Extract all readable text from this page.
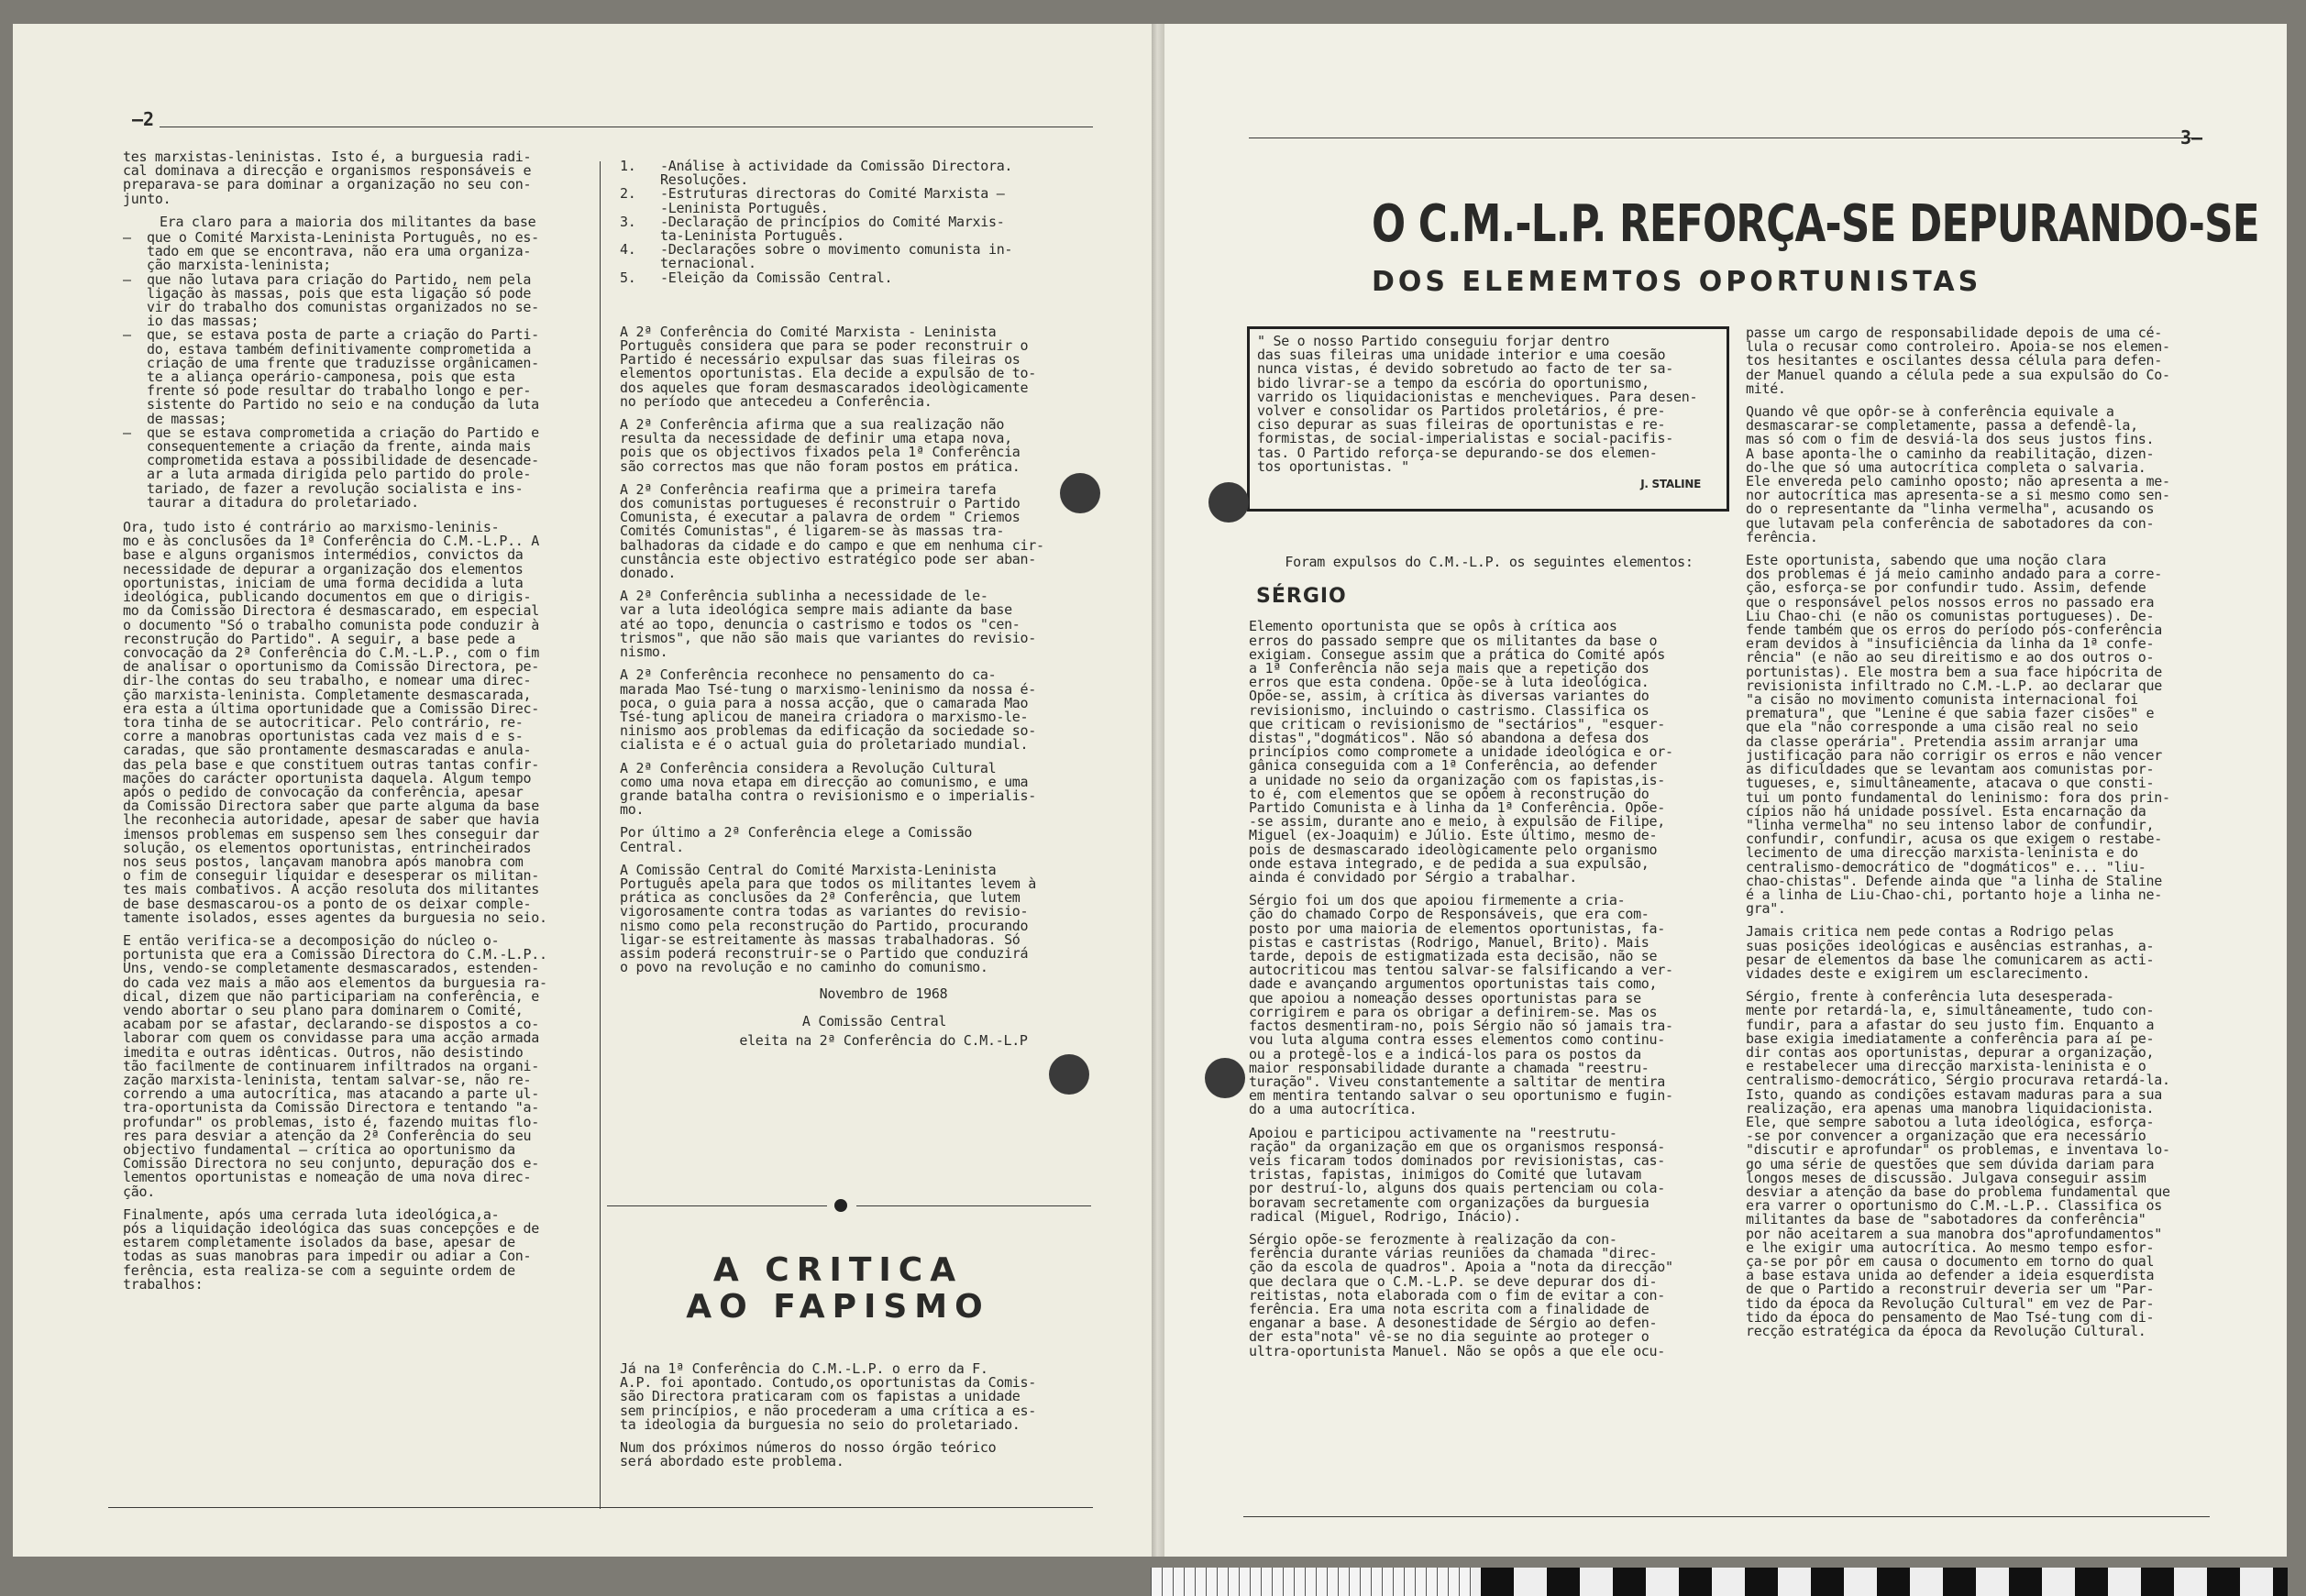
—2

tes marxistas-leninistas. Isto é, a burguesia radi-
cal dominava a direcção e organismos responsáveis e
preparava-se para dominar a organização no seu con-
junto.

Era claro para a maioria dos militantes da base

— que o Comité Marxista-Leninista Português, no es-
tado em que se encontrava, não era uma organiza-
ção marxista-leninista;
— que não lutava para criação do Partido, nem pela
ligação às massas, pois que esta ligação só pode
vir do trabalho dos comunistas organizados no se-
io das massas;
— que, se estava posta de parte a criação do Parti-
do, estava também definitivamente comprometida a
criação de uma frente que traduzisse orgânicamen-
te a aliança operário-camponesa, pois que esta
frente só pode resultar do trabalho longo e per-
sistente do Partido no seio e na condução da luta
de massas;
— que se estava comprometida a criação do Partido e
consequentemente a criação da frente, ainda mais
comprometida estava a possibilidade de desencade-
ar a luta armada dirigida pelo partido do prole-
tariado, de fazer a revolução socialista e ins-
taurar a ditadura do proletariado.

Ora, tudo isto é contrário ao marxismo-leninis-
mo e às conclusões da 1ª Conferência do C.M.-L.P.. A
base e alguns organismos intermédios, convictos da
necessidade de depurar a organização dos elementos
oportunistas, iniciam de uma forma decidida a luta
ideológica, publicando documentos em que o dirigis-
mo da Comissão Directora é desmascarado, em especial
o documento "Só o trabalho comunista pode conduzir à
reconstrução do Partido". A seguir, a base pede a
convocação da 2ª Conferência do C.M.-L.P., com o fim
de analisar o oportunismo da Comissão Directora, pe-
dir-lhe contas do seu trabalho, e nomear uma direc-
ção marxista-leninista. Completamente desmascarada,
era esta a última oportunidade que a Comissão Direc-
tora tinha de se autocriticar. Pelo contrário, re-
corre a manobras oportunistas cada vez mais d e s-
caradas, que são prontamente desmascaradas e anula-
das pela base e que constituem outras tantas confir-
mações do carácter oportunista daquela. Algum tempo
após o pedido de convocação da conferência, apesar
da Comissão Directora saber que parte alguma da base
lhe reconhecia autoridade, apesar de saber que havia
imensos problemas em suspenso sem lhes conseguir dar
solução, os elementos oportunistas, entrincheirados
nos seus postos, lançavam manobra após manobra com
o fim de conseguir liquidar e desesperar os militan-
tes mais combativos. A acção resoluta dos militantes
de base desmascarou-os a ponto de os deixar comple-
tamente isolados, esses agentes da burguesia no seio.

E então verifica-se a decomposição do núcleo o-
portunista que era a Comissão Directora do C.M.-L.P..
Uns, vendo-se completamente desmascarados, estenden-
do cada vez mais a mão aos elementos da burguesia ra-
dical, dizem que não participariam na conferência, e
vendo abortar o seu plano para dominarem o Comité,
acabam por se afastar, declarando-se dispostos a co-
laborar com quem os convidasse para uma acção armada
imedita e outras idênticas. Outros, não desistindo
tão facilmente de continuarem infiltrados na organi-
zação marxista-leninista, tentam salvar-se, não re-
correndo a uma autocrítica, mas atacando a parte ul-
tra-oportunista da Comissão Directora e tentando "a-
profundar" os problemas, isto é, fazendo muitas flo-
res para desviar a atenção da 2ª Conferência do seu
objectivo fundamental — crítica ao oportunismo da
Comissão Directora no seu conjunto, depuração dos e-
lementos oportunistas e nomeação de uma nova direc-
ção.

Finalmente, após uma cerrada luta ideológica,a-
pós a liquidação ideológica das suas concepções e de
estarem completamente isolados da base, apesar de
todas as suas manobras para impedir ou adiar a Con-
ferência, esta realiza-se com a seguinte ordem de
trabalhos:

1. -Análise à actividade da Comissão Directora.
Resoluções.
2. -Estruturas directoras do Comité Marxista —
-Leninista Português.
3. -Declaração de princípios do Comité Marxis-
ta-Leninista Português.
4. -Declarações sobre o movimento comunista in-
ternacional.
5. -Eleição da Comissão Central.

A 2ª Conferência do Comité Marxista - Leninista
Português considera que para se poder reconstruir o
Partido é necessário expulsar das suas fileiras os
elementos oportunistas. Ela decide a expulsão de to-
dos aqueles que foram desmascarados ideològicamente
no período que antecedeu a Conferência.

A 2ª Conferência afirma que a sua realização não
resulta da necessidade de definir uma etapa nova,
pois que os objectivos fixados pela 1ª Conferência
são correctos mas que não foram postos em prática.

A 2ª Conferência reafirma que a primeira tarefa
dos comunistas portugueses é reconstruir o Partido
Comunista, é executar a palavra de ordem " Criemos
Comités Comunistas", é ligarem-se às massas tra-
balhadoras da cidade e do campo e que em nenhuma cir-
cunstância este objectivo estratégico pode ser aban-
donado.

A 2ª Conferência sublinha a necessidade de le-
var a luta ideológica sempre mais adiante da base
até ao topo, denuncia o castrismo e todos os "cen-
trismos", que não são mais que variantes do revisio-
nismo.

A 2ª Conferência reconhece no pensamento do ca-
marada Mao Tsé-tung o marxismo-leninismo da nossa é-
poca, o guia para a nossa acção, que o camarada Mao
Tsé-tung aplicou de maneira criadora o marxismo-le-
ninismo aos problemas da edificação da sociedade so-
cialista e é o actual guia do proletariado mundial.

A 2ª Conferência considera a Revolução Cultural
como uma nova etapa em direcção ao comunismo, e uma
grande batalha contra o revisionismo e o imperialis-
mo.

Por último a 2ª Conferência elege a Comissão
Central.

A Comissão Central do Comité Marxista-Leninista
Português apela para que todos os militantes levem à
prática as conclusões da 2ª Conferência, que lutem
vigorosamente contra todas as variantes do revisio-
nismo como pela reconstrução do Partido, procurando
ligar-se estreitamente às massas trabalhadoras. Só
assim poderá reconstruir-se o Partido que conduzirá
o povo na revolução e no caminho do comunismo.

Novembro de 1968

A Comissão Central

eleita na 2ª Conferência do C.M.-L.P

A CRITICA
AO FAPISMO

Já na 1ª Conferência do C.M.-L.P. o erro da F.
A.P. foi apontado. Contudo,os oportunistas da Comis-
são Directora praticaram com os fapistas a unidade
sem princípios, e não procederam a uma crítica a es-
ta ideologia da burguesia no seio do proletariado.

Num dos próximos números do nosso órgão teórico
será abordado este problema.

3—
O C.M.-L.P. REFORÇA-SE DEPURANDO-SE
DOS ELEMEMTOS OPORTUNISTAS

" Se o nosso Partido conseguiu forjar dentro
das suas fileiras uma unidade interior e uma coesão
nunca vistas, é devido sobretudo ao facto de ter sa-
bido livrar-se a tempo da escória do oportunismo,
varrido os liquidacionistas e mencheviques. Para desen-
volver e consolidar os Partidos proletários, é pre-
ciso depurar as suas fileiras de oportunistas e re-
formistas, de social-imperialistas e social-pacifis-
tas. O Partido reforça-se depurando-se dos elemen-
tos oportunistas. "

J. STALINE

Foram expulsos do C.M.-L.P. os seguintes elementos:

SÉRGIO

Elemento oportunista que se opôs à crítica aos
erros do passado sempre que os militantes da base o
exigiam. Consegue assim que a prática do Comité após
a 1ª Conferência não seja mais que a repetição dos
erros que esta condena. Opõe-se à luta ideológica.
Opõe-se, assim, à crítica às diversas variantes do
revisionismo, incluindo o castrismo. Classifica os
que criticam o revisionismo de "sectários", "esquer-
distas","dogmáticos". Não só abandona a defesa dos
princípios como compromete a unidade ideológica e or-
gânica conseguida com a 1ª Conferência, ao defender
a unidade no seio da organização com os fapistas,is-
to é, com elementos que se opõem à reconstrução do
Partido Comunista e à linha da 1ª Conferência. Opõe-
-se assim, durante ano e meio, à expulsão de Filipe,
Miguel (ex-Joaquim) e Júlio. Este último, mesmo de-
pois de desmascarado ideològicamente pelo organismo
onde estava integrado, e de pedida a sua expulsão,
ainda é convidado por Sérgio a trabalhar.

Sérgio foi um dos que apoiou firmemente a cria-
ção do chamado Corpo de Responsáveis, que era com-
posto por uma maioria de elementos oportunistas, fa-
pistas e castristas (Rodrigo, Manuel, Brito). Mais
tarde, depois de estigmatizada esta decisão, não se
autocriticou mas tentou salvar-se falsificando a ver-
dade e avançando argumentos oportunistas tais como,
que apoiou a nomeação desses oportunistas para se
corrigirem e para os obrigar a definirem-se. Mas os
factos desmentiram-no, pois Sérgio não só jamais tra-
vou luta alguma contra esses elementos como continu-
ou a protegê-los e a indicá-los para os postos da
maior responsabilidade durante a chamada "reestru-
turação". Viveu constantemente a saltitar de mentira
em mentira tentando salvar o seu oportunismo e fugin-
do a uma autocrítica.

Apoiou e participou activamente na "reestrutu-
ração" da organização em que os organismos responsá-
veis ficaram todos dominados por revisionistas, cas-
tristas, fapistas, inimigos do Comité que lutavam
por destruí-lo, alguns dos quais pertenciam ou cola-
boravam secretamente com organizações da burguesia
radical (Miguel, Rodrigo, Inácio).

Sérgio opõe-se ferozmente à realização da con-
ferência durante várias reuniões da chamada "direc-
ção da escola de quadros". Apoia a "nota da direcção"
que declara que o C.M.-L.P. se deve depurar dos di-
reitistas, nota elaborada com o fim de evitar a con-
ferência. Era uma nota escrita com a finalidade de
enganar a base. A desonestidade de Sérgio ao defen-
der esta"nota" vê-se no dia seguinte ao proteger o
ultra-oportunista Manuel. Não se opôs a que ele ocu-

passe um cargo de responsabilidade depois de uma cé-
lula o recusar como controleiro. Apoia-se nos elemen-
tos hesitantes e oscilantes dessa célula para defen-
der Manuel quando a célula pede a sua expulsão do Co-
mité.

Quando vê que opôr-se à conferência equivale a
desmascarar-se completamente, passa a defendê-la,
mas só com o fim de desviá-la dos seus justos fins.
A base aponta-lhe o caminho da reabilitação, dizen-
do-lhe que só uma autocrítica completa o salvaria.
Ele enveredа pelo caminho oposto; não apresenta a me-
nor autocrítica mas apresenta-se a si mesmo como sen-
do o representante da "linha vermelha", acusando os
que lutavam pela conferência de sabotadores da con-
ferência.

Este oportunista, sabendo que uma noção clara
dos problemas é já meio caminho andado para a corre-
ção, esforça-se por confundir tudo. Assim, defende
que o responsável pelos nossos erros no passado era
Liu Chao-chi (e não os comunistas portugueses). De-
fende também que os erros do período pós-conferência
eram devidos à "insuficiência da linha da 1ª confe-
rência" (e não ao seu direitismo e ao dos outros o-
portunistas). Ele mostra bem a sua face hipócrita de
revisionista infiltrado no C.M.-L.P. ao declarar que
"a cisão no movimento comunista internacional foi
prematura", que "Lenine é que sabia fazer cisões" e
que ela "não corresponde a uma cisão real no seio
da classe operária". Pretendia assim arranjar uma
justificação para não corrigir os erros e não vencer
as dificuldades que se levantam aos comunistas por-
tugueses, e, simultâneamente, atacava o que consti-
tui um ponto fundamental do leninismo: fora dos prin-
cípios não há unidade possível. Esta encarnação da
"linha vermelha" no seu intenso labor de confundir,
confundir, confundir, acusa os que exigem o restabe-
lecimento de uma direcção marxista-leninista e do
centralismo-democrático de "dogmáticos" e... "liu-
chao-chistas". Defende ainda que "a linha de Staline
é a linha de Liu-Chao-chi, portanto hoje a linha ne-
gra".

Jamais critica nem pede contas a Rodrigo pelas
suas posições ideológicas e ausências estranhas, a-
pesar de elementos da base lhe comunicarem as acti-
vidades deste e exigirem um esclarecimento.

Sérgio, frente à conferência luta desesperada-
mente por retardá-la, e, simultâneamente, tudo con-
fundir, para a afastar do seu justo fim. Enquanto a
base exigia imediatamente a conferência para aí pe-
dir contas aos oportunistas, depurar a organização,
e restabelecer uma direcção marxista-leninista e o
centralismo-democrático, Sérgio procurava retardá-la.
Isto, quando as condições estavam maduras para a sua
realização, era apenas uma manobra liquidacionista.
Ele, que sempre sabotou a luta ideológica, esforça-
-se por convencer a organização que era necessário
"discutir e aprofundar" os problemas, e inventava lo-
go uma série de questões que sem dúvida dariam para
longos meses de discussão. Julgava conseguir assim
desviar a atenção da base do problema fundamental que
era varrer o oportunismo do C.M.-L.P.. Classifica os
militantes da base de "sabotadores da conferência"
por não aceitarem a sua manobra dos"aprofundamentos"
e lhe exigir uma autocrítica. Ao mesmo tempo esfor-
ça-se por pôr em causa o documento em torno do qual
a base estava unida ao defender a ideia esquerdista
de que o Partido a reconstruir deveria ser um "Par-
tido da época da Revolução Cultural" em vez de Par-
tido da época do pensamento de Mao Tsé-tung com di-
recção estratégica da época da Revolução Cultural.
